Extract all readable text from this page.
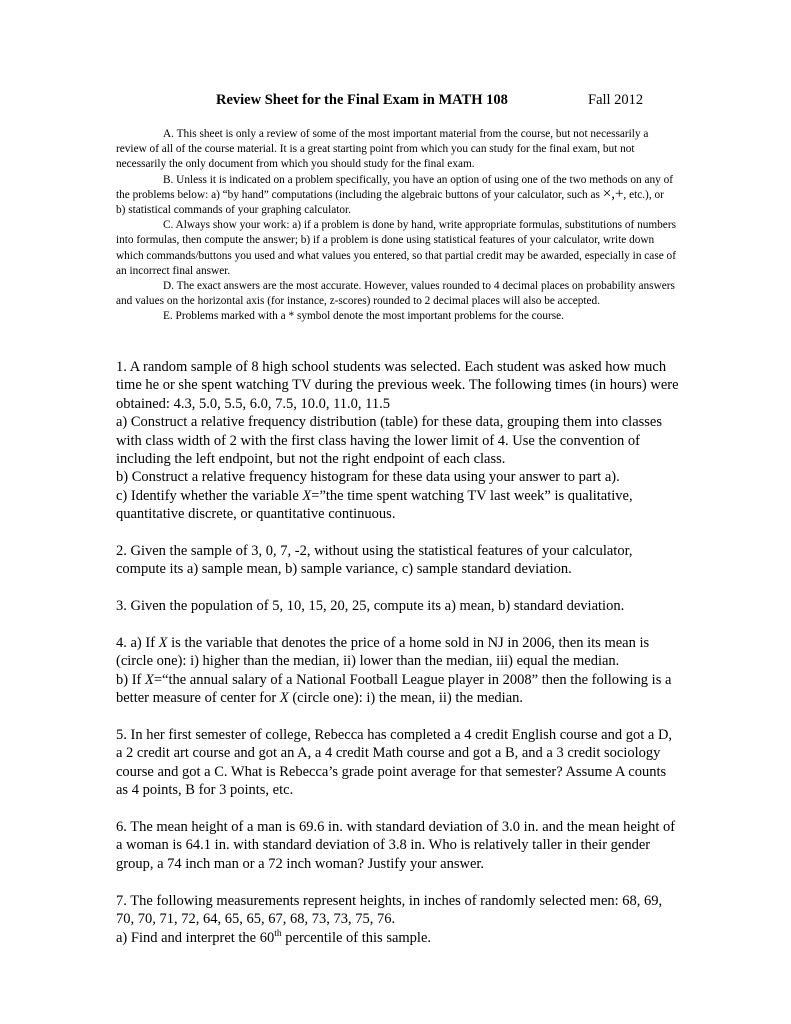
Review Sheet for the Final Exam in MATH 108	Fall 2012

A. This sheet is only a review of some of the most important material from the course, but not necessarily a review of all of the course material. It is a great starting point from which you can study for the final exam, but not necessarily the only document from which you should study for the final exam.

B. Unless it is indicated on a problem specifically, you have an option of using one of the two methods on any of the problems below: a) “by hand” computations (including the algebraic buttons of your calculator, such as ×,+, etc.), or b) statistical commands of your graphing calculator.

C. Always show your work: a) if a problem is done by hand, write appropriate formulas, substitutions of numbers into formulas, then compute the answer; b) if a problem is done using statistical features of your calculator, write down which commands/buttons you used and what values you entered, so that partial credit may be awarded, especially in case of an incorrect final answer.

D. The exact answers are the most accurate. However, values rounded to 4 decimal places on probability answers and values on the horizontal axis (for instance, z-scores) rounded to 2 decimal places will also be accepted.

E. Problems marked with a * symbol denote the most important problems for the course.

1. A random sample of 8 high school students was selected. Each student was asked how much time he or she spent watching TV during the previous week. The following times (in hours) were obtained: 4.3, 5.0, 5.5, 6.0, 7.5, 10.0, 11.0, 11.5

a) Construct a relative frequency distribution (table) for these data, grouping them into classes with class width of 2 with the first class having the lower limit of 4. Use the convention of including the left endpoint, but not the right endpoint of each class.

b) Construct a relative frequency histogram for these data using your answer to part a).

c) Identify whether the variable X=”the time spent watching TV last week” is qualitative, quantitative discrete, or quantitative continuous.

2. Given the sample of 3, 0, 7, -2, without using the statistical features of your calculator, compute its a) sample mean, b) sample variance, c) sample standard deviation.

3. Given the population of 5, 10, 15, 20, 25, compute its a) mean, b) standard deviation.

4. a) If X is the variable that denotes the price of a home sold in NJ in 2006, then its mean is (circle one): i) higher than the median, ii) lower than the median, iii) equal the median.

b) If X=“the annual salary of a National Football League player in 2008” then the following is a better measure of center for X (circle one): i) the mean, ii) the median.

5. In her first semester of college, Rebecca has completed a 4 credit English course and got a D, a 2 credit art course and got an A, a 4 credit Math course and got a B, and a 3 credit sociology course and got a C. What is Rebecca’s grade point average for that semester? Assume A counts as 4 points, B for 3 points, etc.

6. The mean height of a man is 69.6 in. with standard deviation of 3.0 in. and the mean height of a woman is 64.1 in. with standard deviation of 3.8 in. Who is relatively taller in their gender group, a 74 inch man or a 72 inch woman? Justify your answer.

7. The following measurements represent heights, in inches of randomly selected men: 68, 69, 70, 70, 71, 72, 64, 65, 65, 67, 68, 73, 73, 75, 76.

a) Find and interpret the 60th percentile of this sample.
